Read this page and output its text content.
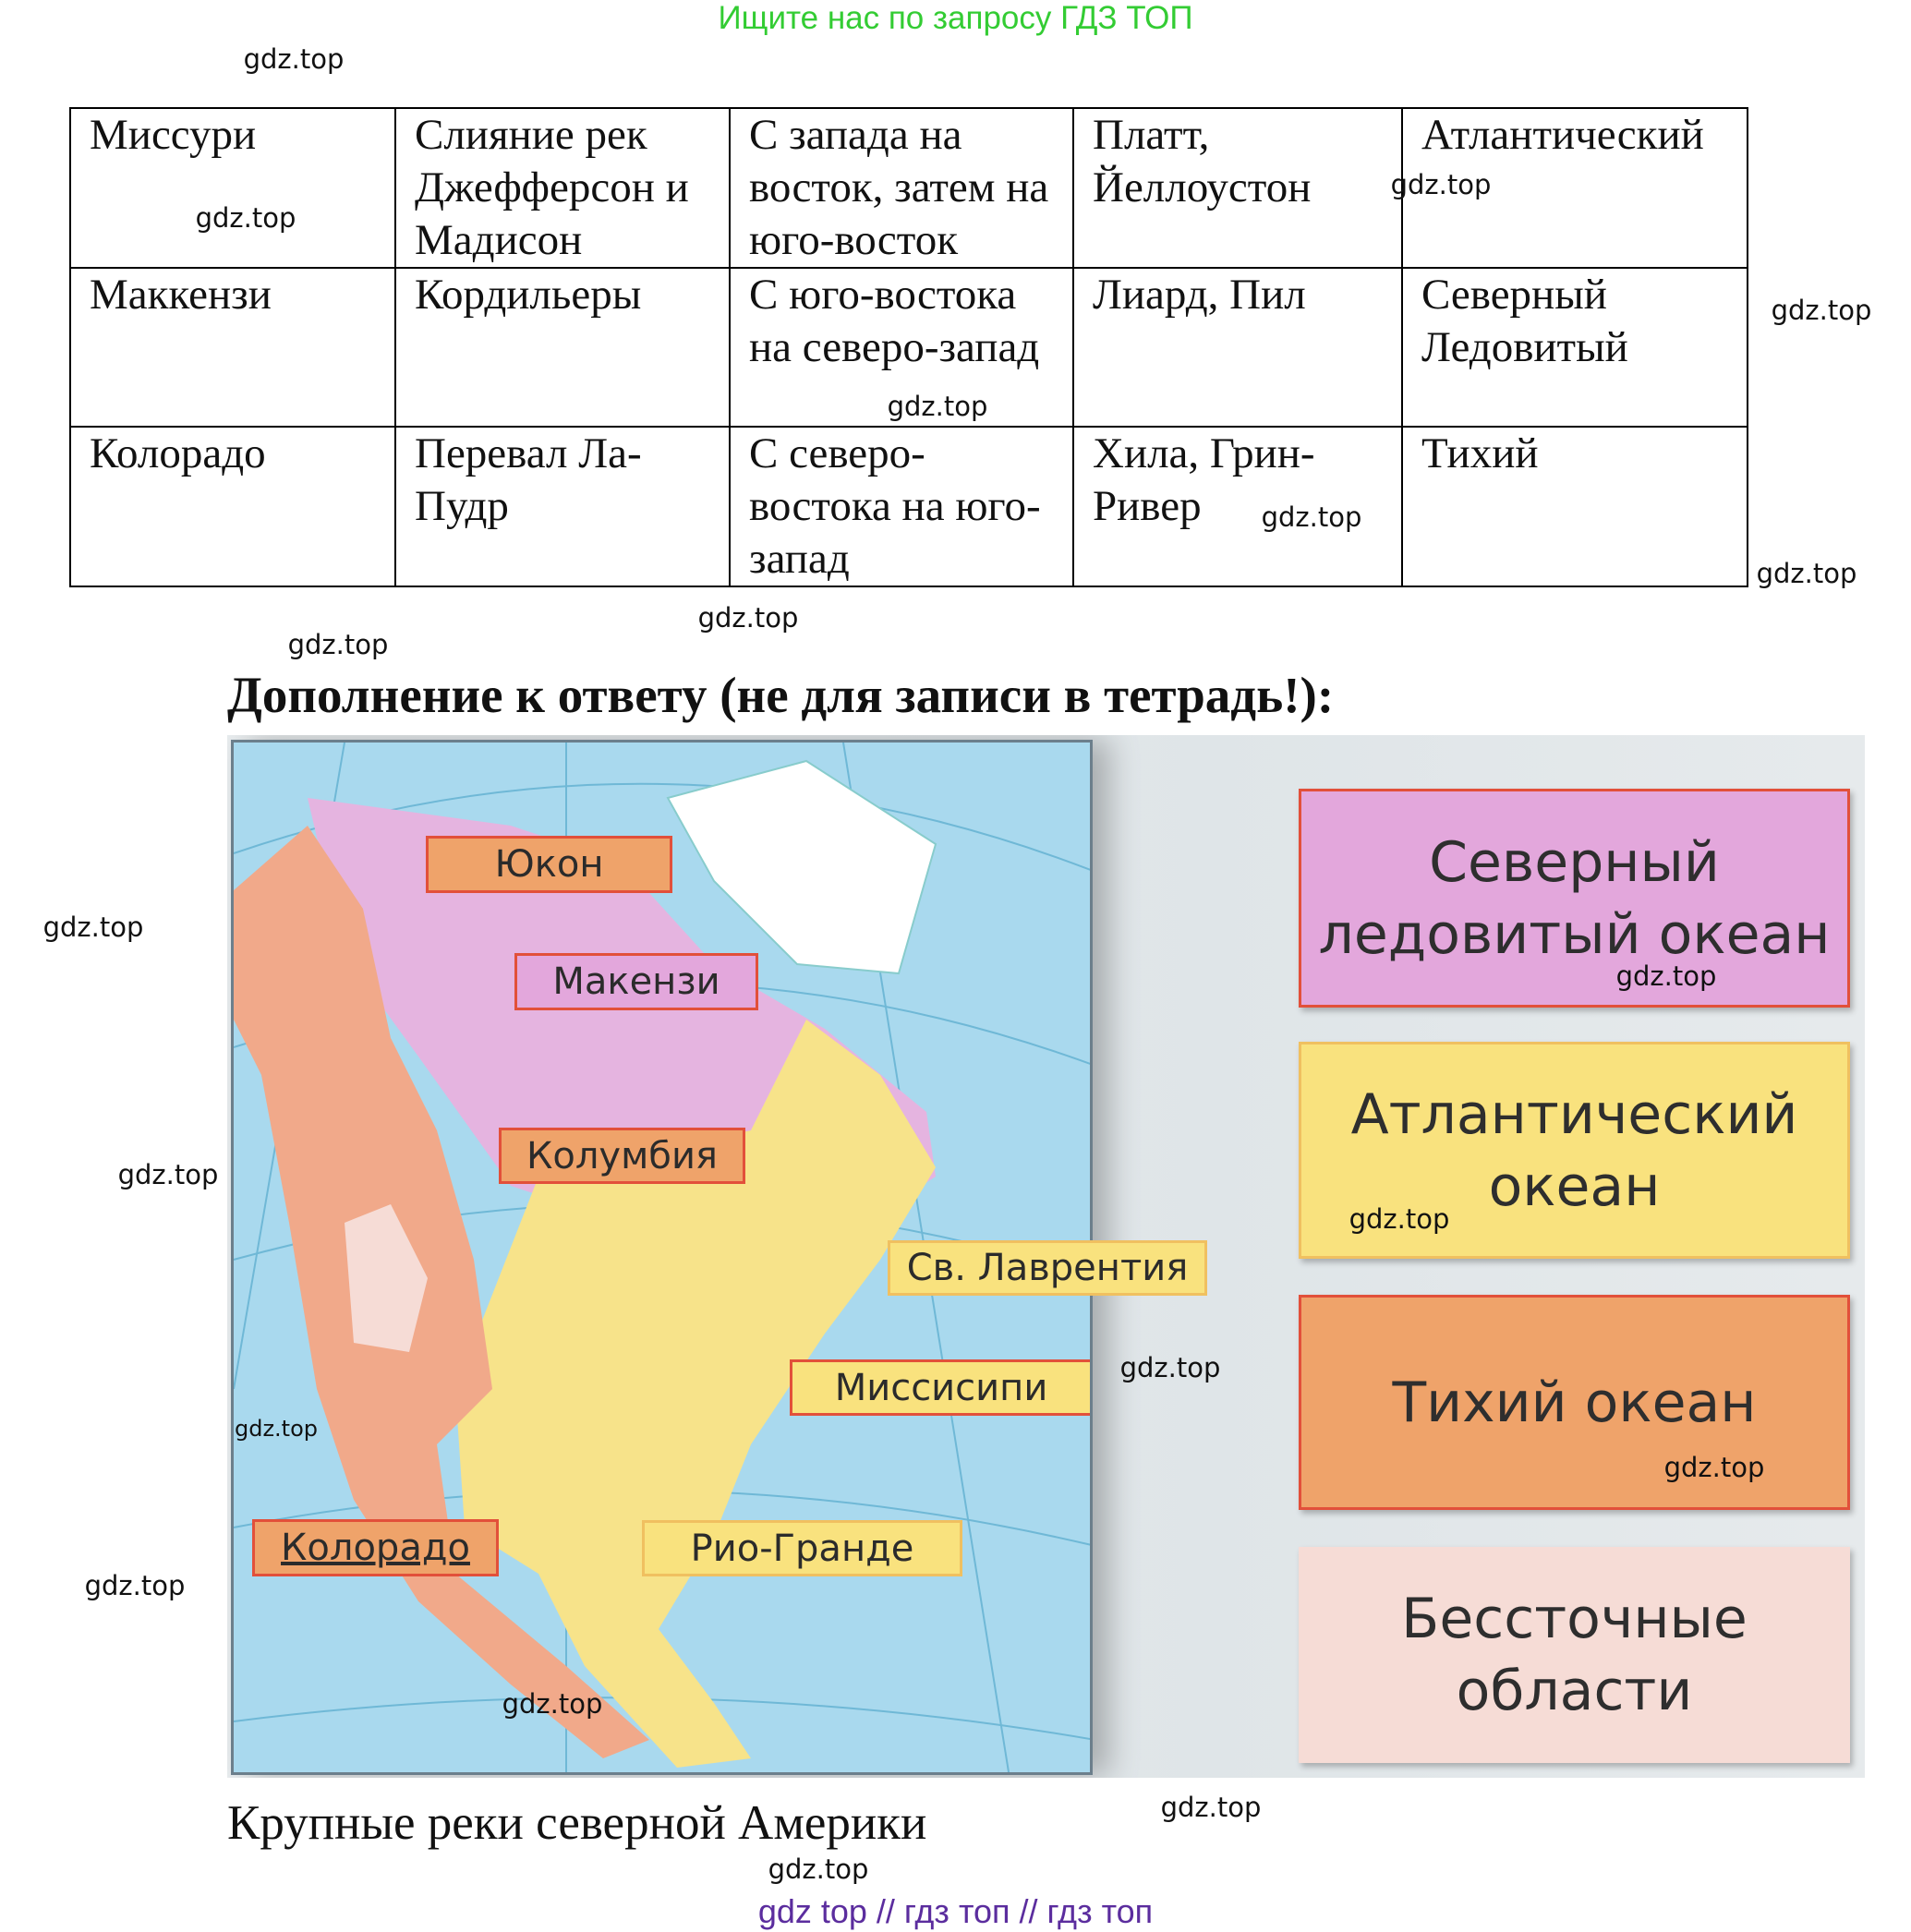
Ищите нас по запросу ГДЗ ТОП
Миссури	Слияние рек Джефферсон и Мадисон	С запада на восток, затем на юго-восток	Платт, Йеллоустон	Атлантический
Маккензи	Кордильеры	С юго-востока на северо-запад	Лиард, Пил	Северный Ледовитый
Колорадо	Перевал Ла-Пудр	С северо-востока на юго-запад	Хила, Грин-Ривер	Тихий
Дополнение к ответу (не для записи в тетрадь!):
Юкон
Макензи
Колумбия
Миссисипи
Колорадо	Рио-Гранде
Св. Лаврентия
Северный ледовитый океан
Атлантический океан
Тихий океан
Бессточные области
Крупные реки северной Америки
gdz top // гдз топ // гдз топ
gdz.top
gdz.top
gdz.top
gdz.top
gdz.top
gdz.top
gdz.top
gdz.top
gdz.top
gdz.top
gdz.top
gdz.top
gdz.top
gdz.top
gdz.top
gdz.top
gdz.top
gdz.top
gdz.top
gdz.top
